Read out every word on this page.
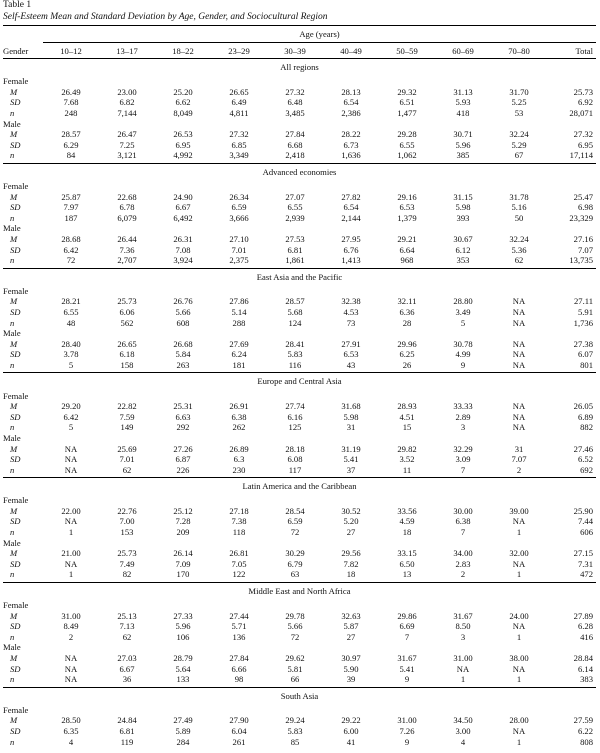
Table 1
Self-Esteem Mean and Standard Deviation by Age, Gender, and Sociocultural Region
Age (years)
Gender	10–12	13–17	18–22	23–29	30–39	40–49	50–59	60–69	70–80	Total
All regions
Female
M	26.49	23.00	25.20	26.65	27.32	28.13	29.32	31.13	31.70	25.73
SD	7.68	6.82	6.62	6.49	6.48	6.54	6.51	5.93	5.25	6.92
n	248	7,144	8,049	4,811	3,485	2,386	1,477	418	53	28,071
Male
M	28.57	26.47	26.53	27.32	27.84	28.22	29.28	30.71	32.24	27.32
SD	6.29	7.25	6.95	6.85	6.68	6.73	6.55	5.96	5.29	6.95
n	84	3,121	4,992	3,349	2,418	1,636	1,062	385	67	17,114
Advanced economies
Female
M	25.87	22.68	24.90	26.34	27.07	27.82	29.16	31.15	31.78	25.47
SD	7.97	6.78	6.67	6.59	6.55	6.54	6.53	5.98	5.16	6.98
n	187	6,079	6,492	3,666	2,939	2,144	1,379	393	50	23,329
Male
M	28.68	26.44	26.31	27.10	27.53	27.95	29.21	30.67	32.24	27.16
SD	6.42	7.36	7.08	7.01	6.81	6.76	6.64	6.12	5.36	7.07
n	72	2,707	3,924	2,375	1,861	1,413	968	353	62	13,735
East Asia and the Pacific
Female
M	28.21	25.73	26.76	27.86	28.57	32.38	32.11	28.80	NA	27.11
SD	6.55	6.06	5.66	5.14	5.68	4.53	6.36	3.49	NA	5.91
n	48	562	608	288	124	73	28	5	NA	1,736
Male
M	28.40	26.65	26.68	27.69	28.41	27.91	29.96	30.78	NA	27.38
SD	3.78	6.18	5.84	6.24	5.83	6.53	6.25	4.99	NA	6.07
n	5	158	263	181	116	43	26	9	NA	801
Europe and Central Asia
Female
M	29.20	22.82	25.31	26.91	27.74	31.68	28.93	33.33	NA	26.05
SD	6.42	7.59	6.63	6.38	6.16	5.98	4.51	2.89	NA	6.89
n	5	149	292	262	125	31	15	3	NA	882
Male
M	NA	25.69	27.26	26.89	28.18	31.19	29.82	32.29	31	27.46
SD	NA	7.01	6.87	6.3	6.08	5.41	3.52	3.09	7.07	6.52
n	NA	62	226	230	117	37	11	7	2	692
Latin America and the Caribbean
Female
M	22.00	22.76	25.12	27.18	28.54	30.52	33.56	30.00	39.00	25.90
SD	NA	7.00	7.28	7.38	6.59	5.20	4.59	6.38	NA	7.44
n	1	153	209	118	72	27	18	7	1	606
Male
M	21.00	25.73	26.14	26.81	30.29	29.56	33.15	34.00	32.00	27.15
SD	NA	7.49	7.09	7.05	6.79	7.82	6.50	2.83	NA	7.31
n	1	82	170	122	63	18	13	2	1	472
Middle East and North Africa
Female
M	31.00	25.13	27.33	27.44	29.78	32.63	29.86	31.67	24.00	27.89
SD	8.49	7.13	5.96	5.71	5.66	5.87	6.69	8.50	NA	6.28
n	2	62	106	136	72	27	7	3	1	416
Male
M	NA	27.03	28.79	27.84	29.62	30.97	31.67	31.00	38.00	28.84
SD	NA	6.67	5.64	6.66	5.81	5.90	5.41	NA	NA	6.14
n	NA	36	133	98	66	39	9	1	1	383
South Asia
Female
M	28.50	24.84	27.49	27.90	29.24	29.22	31.00	34.50	28.00	27.59
SD	6.35	6.81	5.89	6.04	5.83	6.00	7.26	3.00	NA	6.22
n	4	119	284	261	85	41	9	4	1	808
